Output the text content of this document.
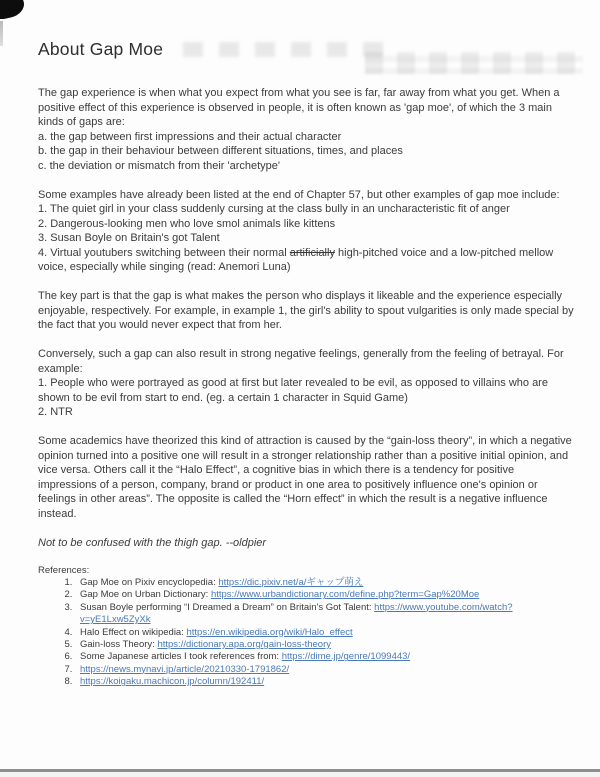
About Gap Moe
The gap experience is when what you expect from what you see is far, far away from what you get. When a positive effect of this experience is observed in people, it is often known as 'gap moe', of which the 3 main kinds of gaps are:
a. the gap between first impressions and their actual character
b. the gap in their behaviour between different situations, times, and places
c. the deviation or mismatch from their 'archetype'
Some examples have already been listed at the end of Chapter 57, but other examples of gap moe include:
1. The quiet girl in your class suddenly cursing at the class bully in an uncharacteristic fit of anger
2. Dangerous-looking men who love smol animals like kittens
3. Susan Boyle on Britain's got Talent
4. Virtual youtubers switching between their normal artificially high-pitched voice and a low-pitched mellow voice, especially while singing (read: Anemori Luna)
The key part is that the gap is what makes the person who displays it likeable and the experience especially enjoyable, respectively. For example, in example 1, the girl's ability to spout vulgarities is only made special by the fact that you would never expect that from her.
Conversely, such a gap can also result in strong negative feelings, generally from the feeling of betrayal. For example:
1. People who were portrayed as good at first but later revealed to be evil, as opposed to villains who are shown to be evil from start to end. (eg. a certain 1 character in Squid Game)
2. NTR
Some academics have theorized this kind of attraction is caused by the “gain-loss theory”, in which a negative opinion turned into a positive one will result in a stronger relationship rather than a positive initial opinion, and vice versa. Others call it the “Halo Effect”, a cognitive bias in which there is a tendency for positive impressions of a person, company, brand or product in one area to positively influence one's opinion or feelings in other areas”. The opposite is called the “Horn effect” in which the result is a negative influence instead.
Not to be confused with the thigh gap. --oldpier
References:
1. Gap Moe on Pixiv encyclopedia: https://dic.pixiv.net/a/ギャップ萌え
2. Gap Moe on Urban Dictionary: https://www.urbandictionary.com/define.php?term=Gap%20Moe
3. Susan Boyle performing “I Dreamed a Dream” on Britain's Got Talent: https://www.youtube.com/watch?v=yE1Lxw5ZyXk
4. Halo Effect on wikipedia: https://en.wikipedia.org/wiki/Halo_effect
5. Gain-loss Theory: https://dictionary.apa.org/gain-loss-theory
6. Some Japanese articles I took references from: https://dime.jp/genre/1099443/
7. https://news.mynavi.jp/article/20210330-1791862/
8. https://koigaku.machicon.jp/column/192411/
